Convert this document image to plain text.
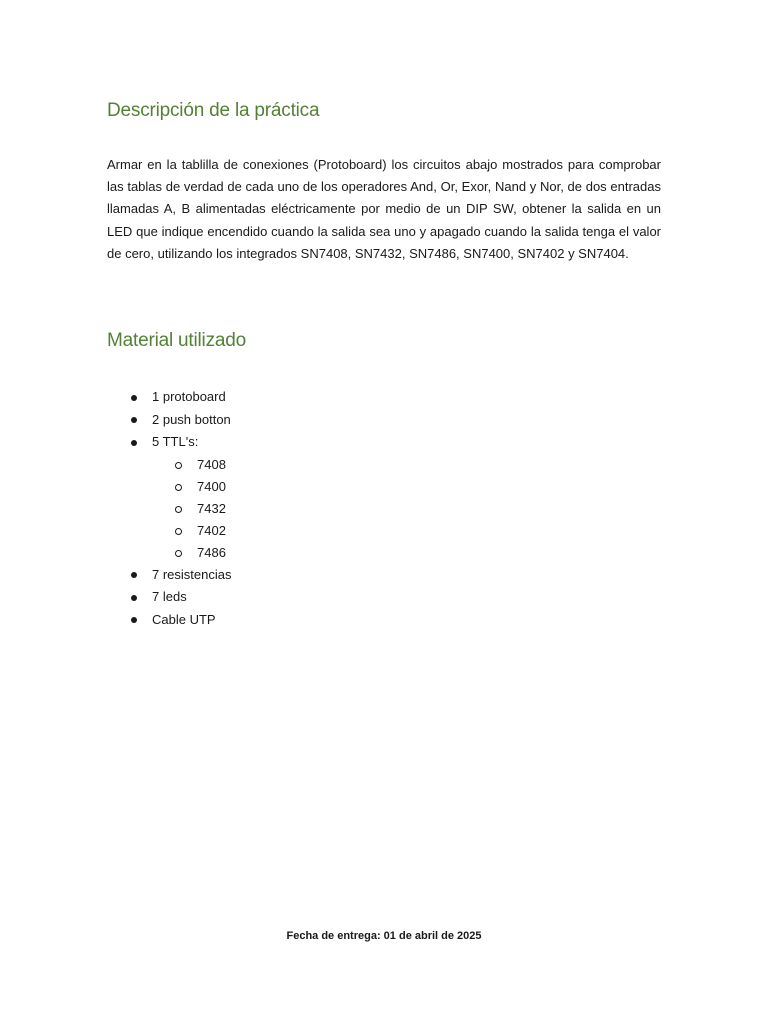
Descripción de la práctica

Armar en la tablilla de conexiones (Protoboard) los circuitos abajo mostrados para comprobar las tablas de verdad de cada uno de los operadores And, Or, Exor, Nand y Nor, de dos entradas llamadas A, B alimentadas eléctricamente por medio de un DIP SW, obtener la salida en un LED que indique encendido cuando la salida sea uno y apagado cuando la salida tenga el valor de cero, utilizando los integrados SN7408, SN7432, SN7486, SN7400, SN7402 y SN7404.

Material utilizado
1 protoboard
2 push botton
5 TTL's:
7408
7400
7432
7402
7486
7 resistencias
7 leds
Cable UTP
Fecha de entrega: 01 de abril de 2025
